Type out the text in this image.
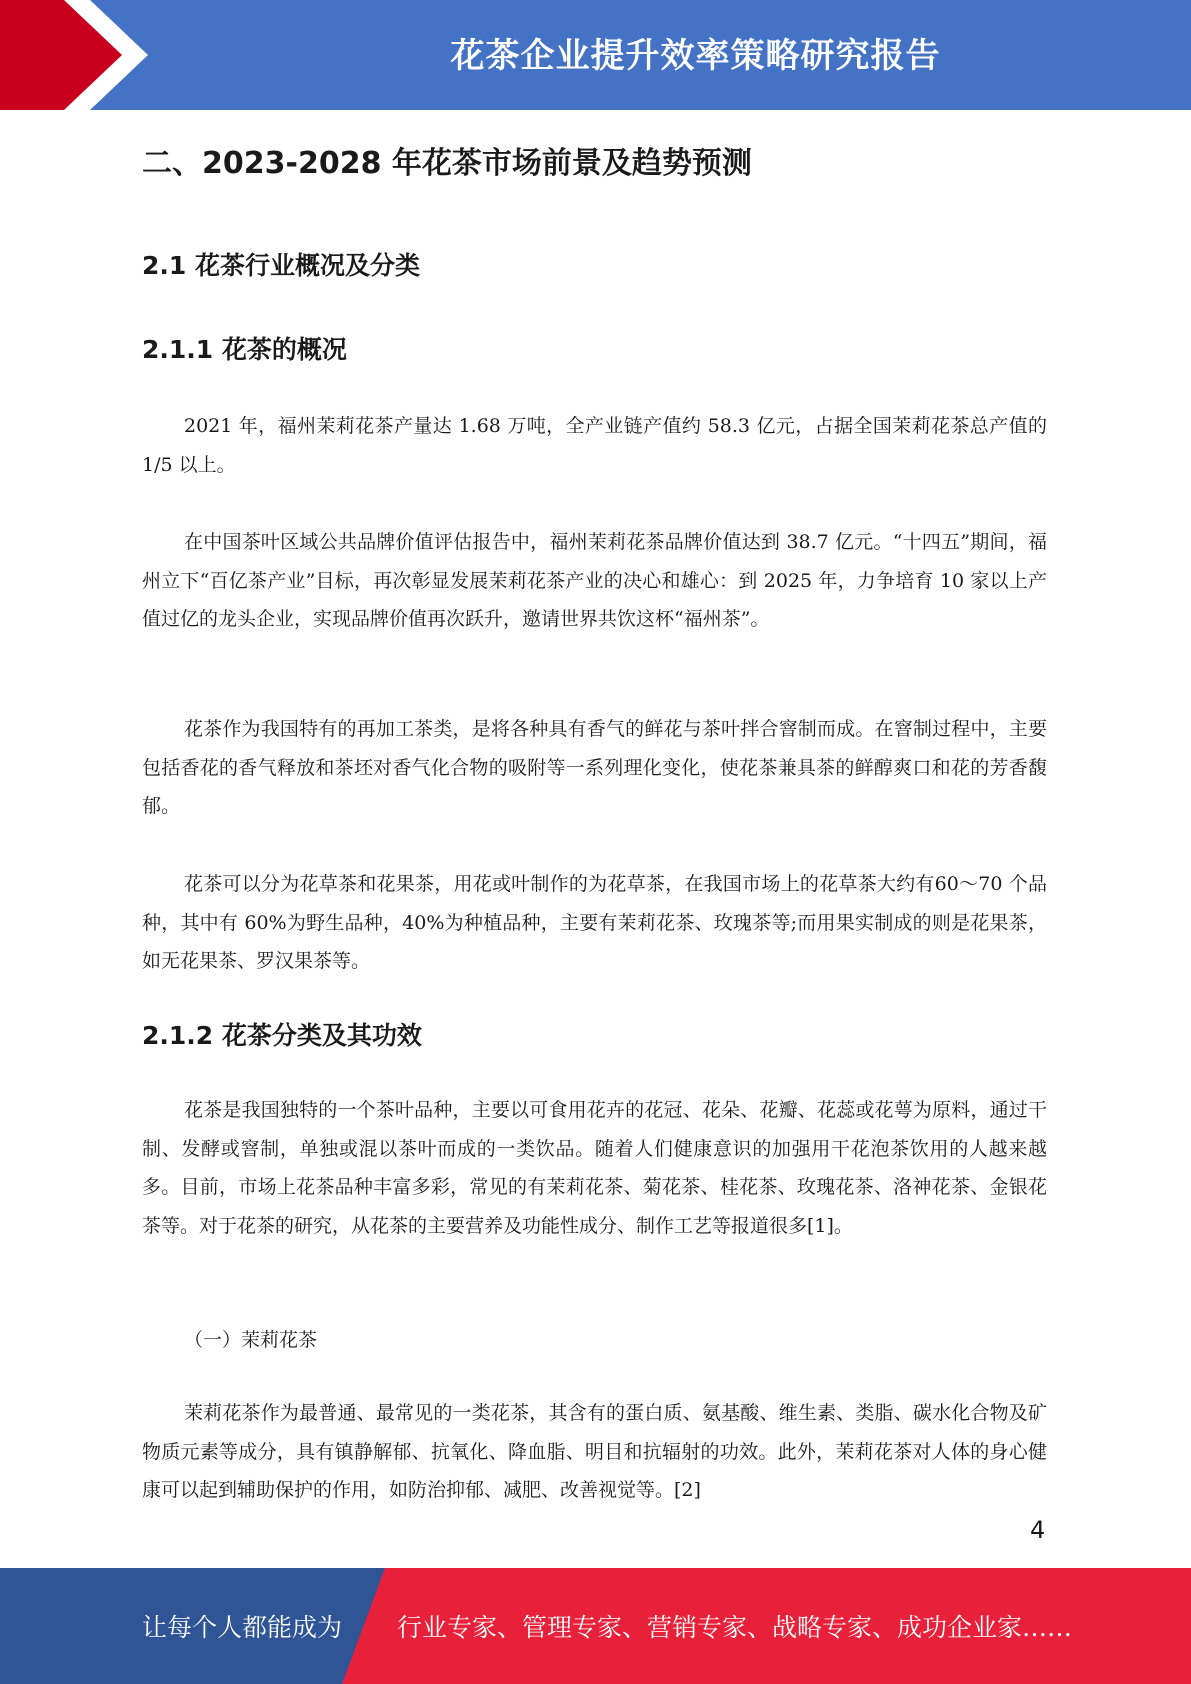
花茶企业提升效率策略研究报告
二、2023-2028 年花茶市场前景及趋势预测
2.1 花茶行业概况及分类
2.1.1 花茶的概况

2021 年，福州茉莉花茶产量达 1.68 万吨，全产业链产值约 58.3 亿元，占据全国茉莉花茶总产值的 1/5 以上。

在中国茶叶区域公共品牌价值评估报告中，福州茉莉花茶品牌价值达到 38.7 亿元。“十四五”期间，福州立下“百亿茶产业”目标，再次彰显发展茉莉花茶产业的决心和雄心：到 2025 年，力争培育 10 家以上产值过亿的龙头企业，实现品牌价值再次跃升，邀请世界共饮这杯“福州茶”。

花茶作为我国特有的再加工茶类，是将各种具有香气的鲜花与茶叶拌合窨制而成。在窨制过程中，主要包括香花的香气释放和茶坯对香气化合物的吸附等一系列理化变化，使花茶兼具茶的鲜醇爽口和花的芳香馥郁。

花茶可以分为花草茶和花果茶，用花或叶制作的为花草茶，在我国市场上的花草茶大约有60～70 个品种，其中有 60%为野生品种，40%为种植品种，主要有茉莉花茶、玫瑰茶等;而用果实制成的则是花果茶，如无花果茶、罗汉果茶等。

2.1.2 花茶分类及其功效

花茶是我国独特的一个茶叶品种，主要以可食用花卉的花冠、花朵、花瓣、花蕊或花萼为原料，通过干制、发酵或窨制，单独或混以茶叶而成的一类饮品。随着人们健康意识的加强用干花泡茶饮用的人越来越多。目前，市场上花茶品种丰富多彩，常见的有茉莉花茶、菊花茶、桂花茶、玫瑰花茶、洛神花茶、金银花茶等。对于花茶的研究，从花茶的主要营养及功能性成分、制作工艺等报道很多[1]。

（一）茉莉花茶

茉莉花茶作为最普通、最常见的一类花茶，其含有的蛋白质、氨基酸、维生素、类脂、碳水化合物及矿物质元素等成分，具有镇静解郁、抗氧化、降血脂、明目和抗辐射的功效。此外，茉莉花茶对人体的身心健康可以起到辅助保护的作用，如防治抑郁、减肥、改善视觉等。[2]

4
让每个人都能成为 行业专家、管理专家、营销专家、战略专家、成功企业家……
